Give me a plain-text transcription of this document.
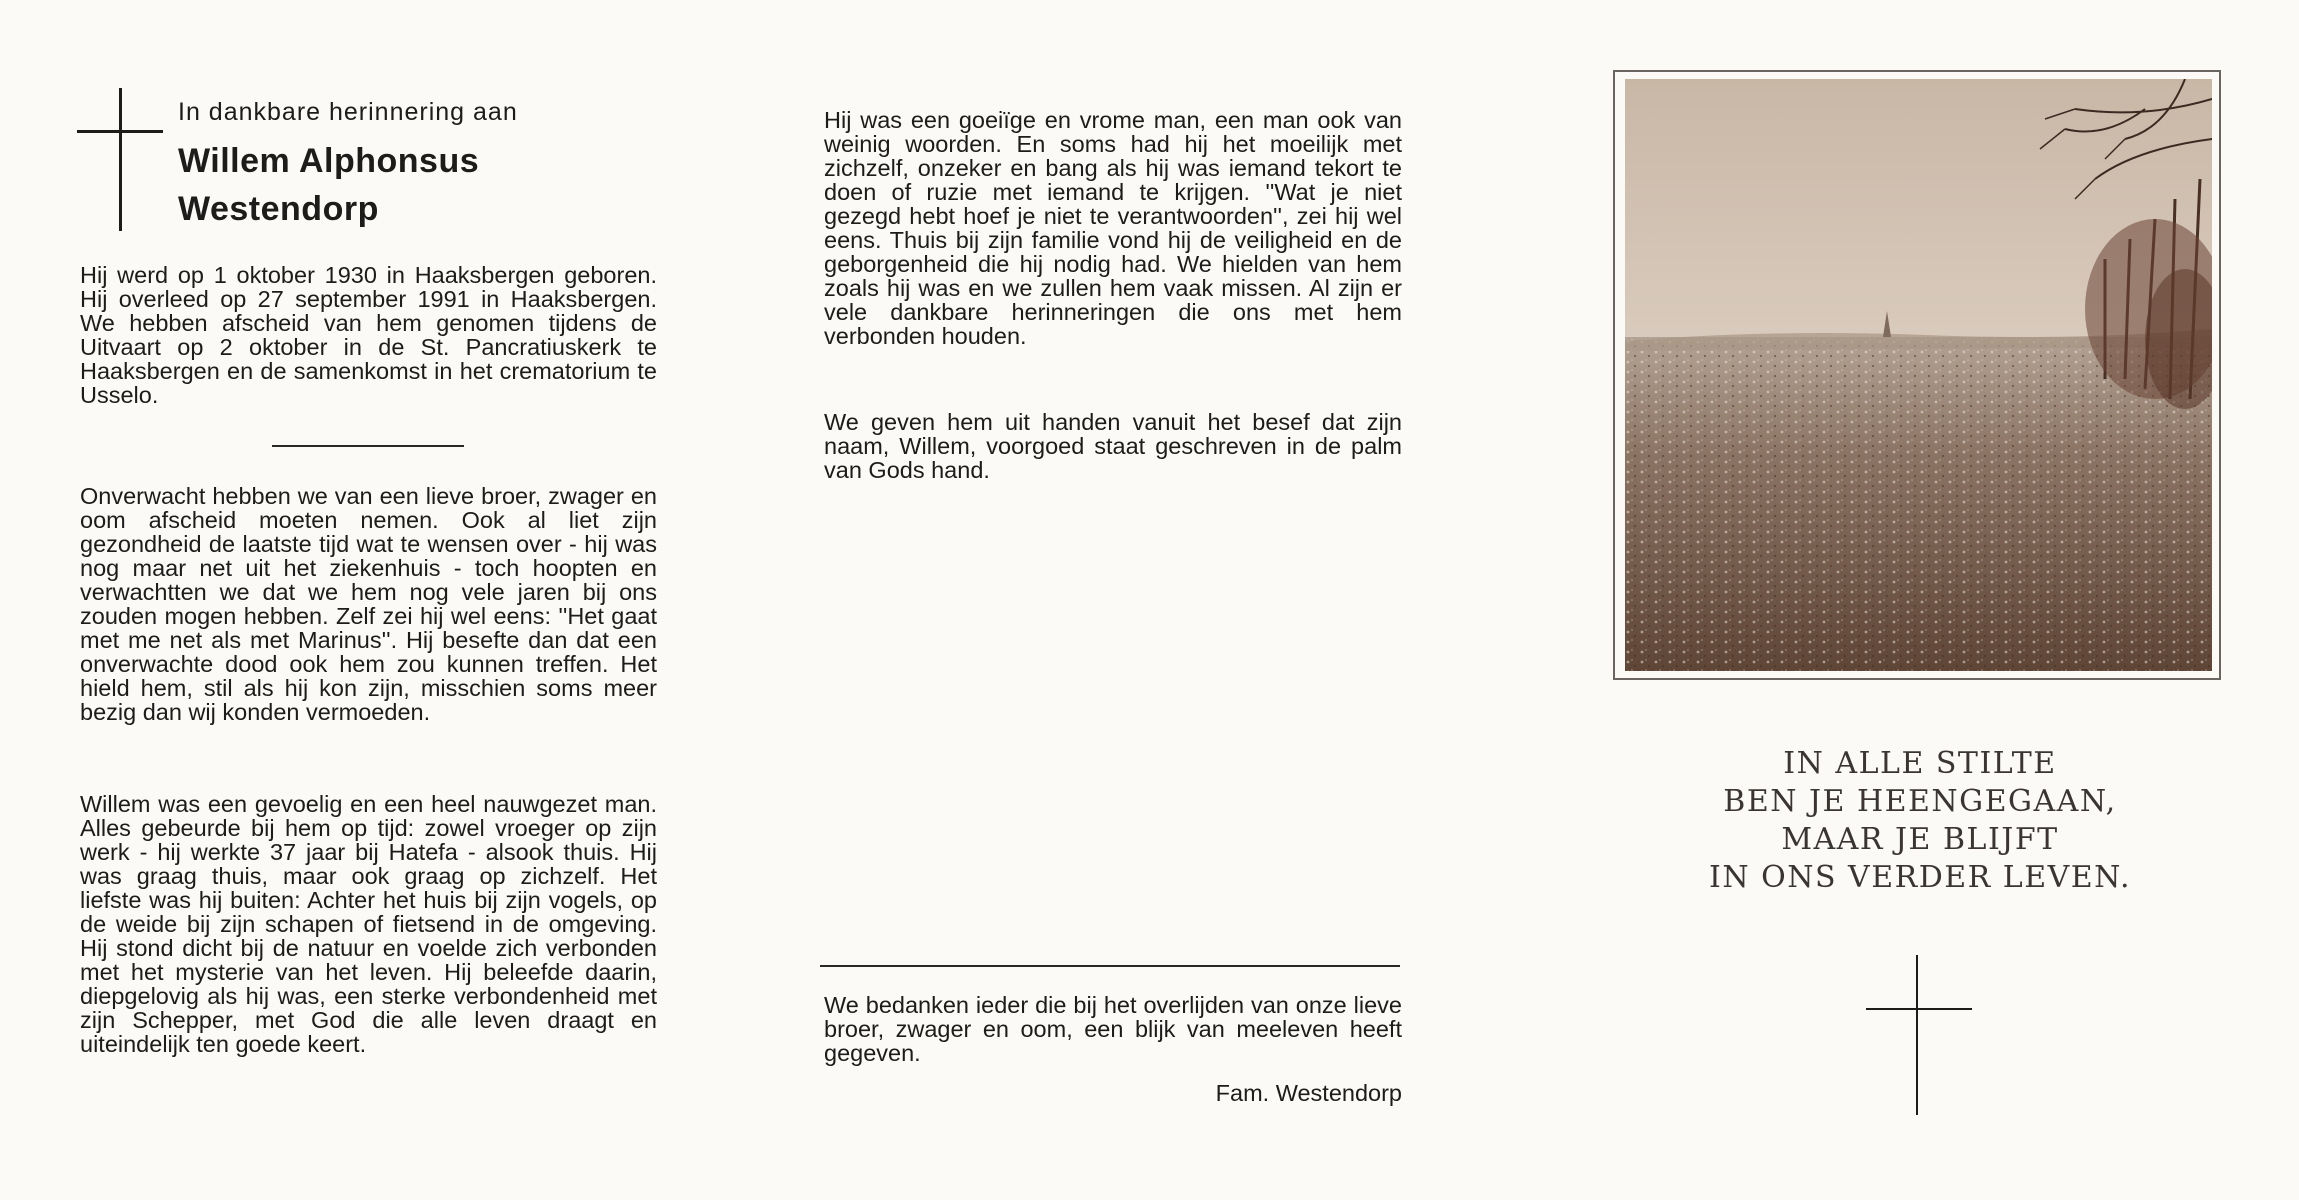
In dankbare herinnering aan
Willem Alphonsus
Westendorp

Hij werd op 1 oktober 1930 in Haaksbergen geboren. Hij overleed op 27 september 1991 in Haaksbergen. We hebben afscheid van hem genomen tijdens de Uitvaart op 2 oktober in de St. Pancratiuskerk te Haaksbergen en de samenkomst in het crematorium te Usselo.

Onverwacht hebben we van een lieve broer, zwager en oom afscheid moeten nemen. Ook al liet zijn gezondheid de laatste tijd wat te wensen over - hij was nog maar net uit het ziekenhuis - toch hoopten en verwachtten we dat we hem nog vele jaren bij ons zouden mogen hebben. Zelf zei hij wel eens: ''Het gaat met me net als met Marinus''. Hij besefte dan dat een onverwachte dood ook hem zou kunnen treffen. Het hield hem, stil als hij kon zijn, misschien soms meer bezig dan wij konden vermoeden.

Willem was een gevoelig en een heel nauwgezet man. Alles gebeurde bij hem op tijd: zowel vroeger op zijn werk - hij werkte 37 jaar bij Hatefa - alsook thuis. Hij was graag thuis, maar ook graag op zichzelf. Het liefste was hij buiten: Achter het huis bij zijn vogels, op de weide bij zijn schapen of fietsend in de omgeving. Hij stond dicht bij de natuur en voelde zich verbonden met het mysterie van het leven. Hij beleefde daarin, diepgelovig als hij was, een sterke verbondenheid met zijn Schepper, met God die alle leven draagt en uiteindelijk ten goede keert.

Hij was een goeiïge en vrome man, een man ook van weinig woorden. En soms had hij het moeilijk met zichzelf, onzeker en bang als hij was iemand tekort te doen of ruzie met iemand te krijgen. ''Wat je niet gezegd hebt hoef je niet te verantwoorden'', zei hij wel eens. Thuis bij zijn familie vond hij de veiligheid en de geborgenheid die hij nodig had. We hielden van hem zoals hij was en we zullen hem vaak missen. Al zijn er vele dankbare herinneringen die ons met hem verbonden houden.

We geven hem uit handen vanuit het besef dat zijn naam, Willem, voorgoed staat geschreven in de palm van Gods hand.

We bedanken ieder die bij het overlijden van onze lieve broer, zwager en oom, een blijk van meeleven heeft gegeven.

Fam. Westendorp
IN ALLE STILTE
BEN JE HEENGEGAAN,
MAAR JE BLIJFT
IN ONS VERDER LEVEN.
